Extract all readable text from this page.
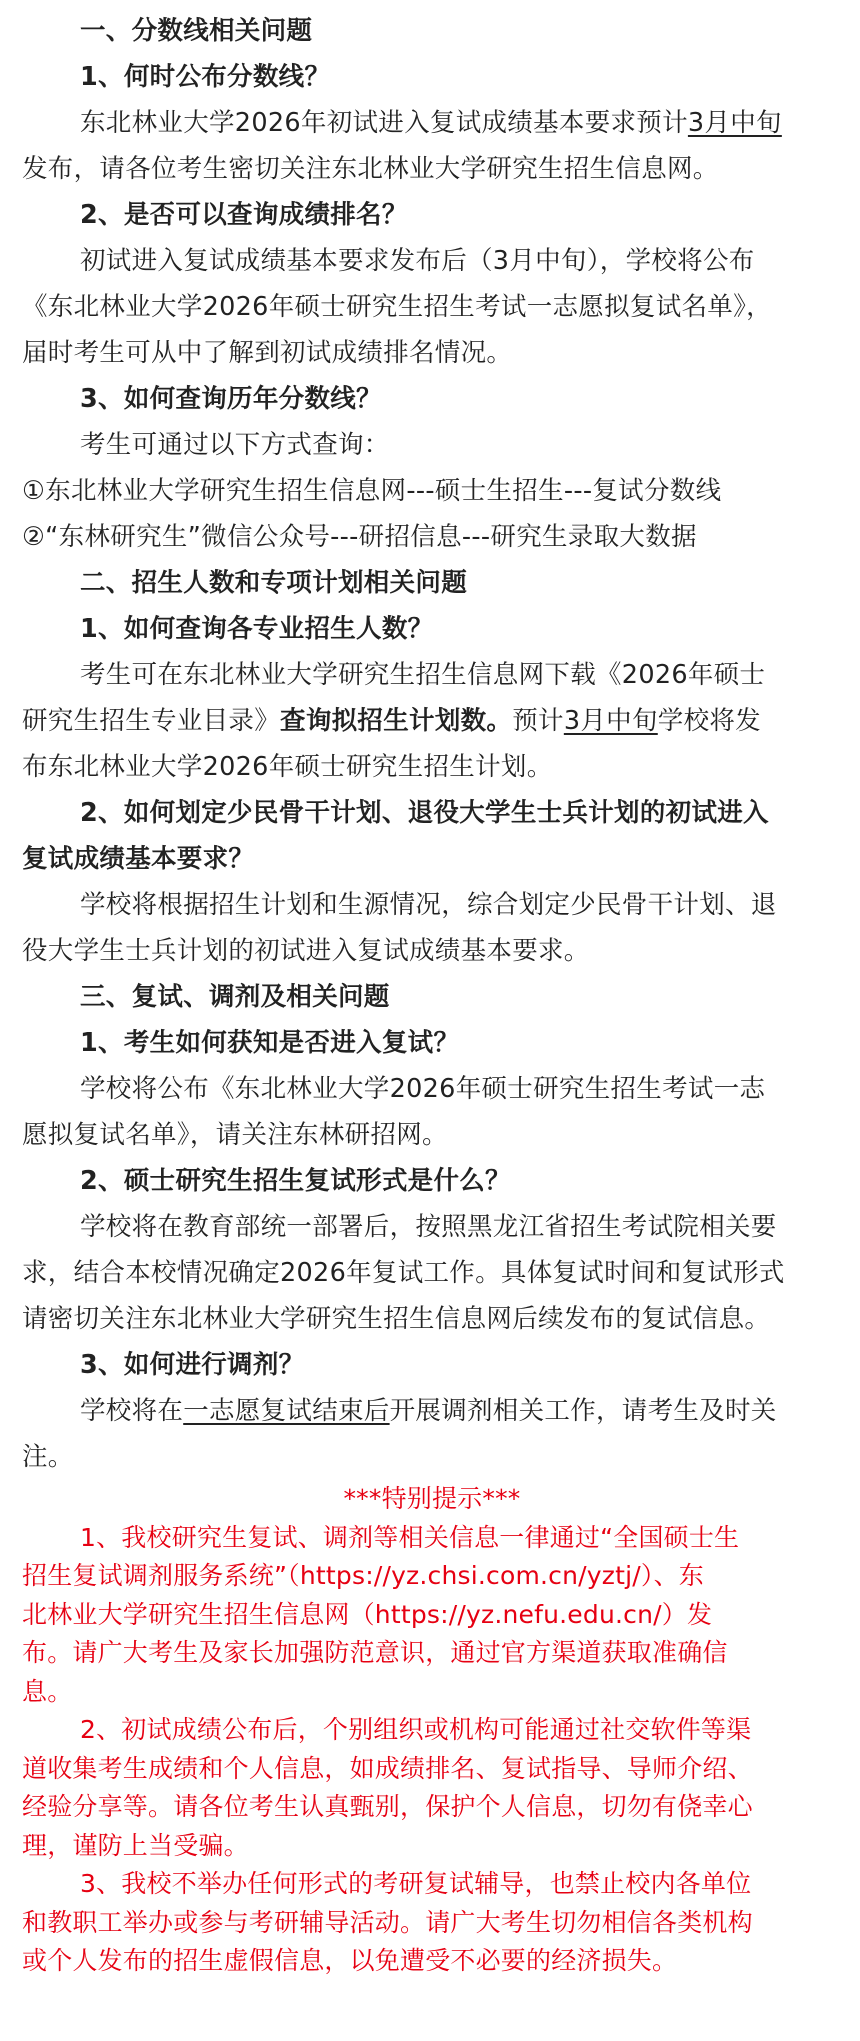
一、分数线相关问题
1、何时公布分数线？
东北林业大学2026年初试进入复试成绩基本要求预计3月中旬
发布，请各位考生密切关注东北林业大学研究生招生信息网。
2、是否可以查询成绩排名？
初试进入复试成绩基本要求发布后（3月中旬），学校将公布
《东北林业大学2026年硕士研究生招生考试一志愿拟复试名单》，
届时考生可从中了解到初试成绩排名情况。
3、如何查询历年分数线？
考生可通过以下方式查询：
①东北林业大学研究生招生信息网---硕士生招生---复试分数线
②“东林研究生”微信公众号---研招信息---研究生录取大数据
二、招生人数和专项计划相关问题
1、如何查询各专业招生人数？
考生可在东北林业大学研究生招生信息网下载《2026年硕士
研究生招生专业目录》查询拟招生计划数。预计3月中旬学校将发
布东北林业大学2026年硕士研究生招生计划。
2、如何划定少民骨干计划、退役大学生士兵计划的初试进入
复试成绩基本要求？
学校将根据招生计划和生源情况，综合划定少民骨干计划、退
役大学生士兵计划的初试进入复试成绩基本要求。
三、复试、调剂及相关问题
1、考生如何获知是否进入复试？
学校将公布《东北林业大学2026年硕士研究生招生考试一志
愿拟复试名单》，请关注东林研招网。
2、硕士研究生招生复试形式是什么？
学校将在教育部统一部署后，按照黑龙江省招生考试院相关要
求，结合本校情况确定2026年复试工作。具体复试时间和复试形式
请密切关注东北林业大学研究生招生信息网后续发布的复试信息。
3、如何进行调剂？
学校将在一志愿复试结束后开展调剂相关工作，请考生及时关
注。
***特别提示***
1、我校研究生复试、调剂等相关信息一律通过“全国硕士生
招生复试调剂服务系统”（https://yz.chsi.com.cn/yztj/）、东
北林业大学研究生招生信息网（https://yz.nefu.edu.cn/）发
布。请广大考生及家长加强防范意识，通过官方渠道获取准确信
息。
2、初试成绩公布后，个别组织或机构可能通过社交软件等渠
道收集考生成绩和个人信息，如成绩排名、复试指导、导师介绍、
经验分享等。请各位考生认真甄别，保护个人信息，切勿有侥幸心
理，谨防上当受骗。
3、我校不举办任何形式的考研复试辅导，也禁止校内各单位
和教职工举办或参与考研辅导活动。请广大考生切勿相信各类机构
或个人发布的招生虚假信息，以免遭受不必要的经济损失。
